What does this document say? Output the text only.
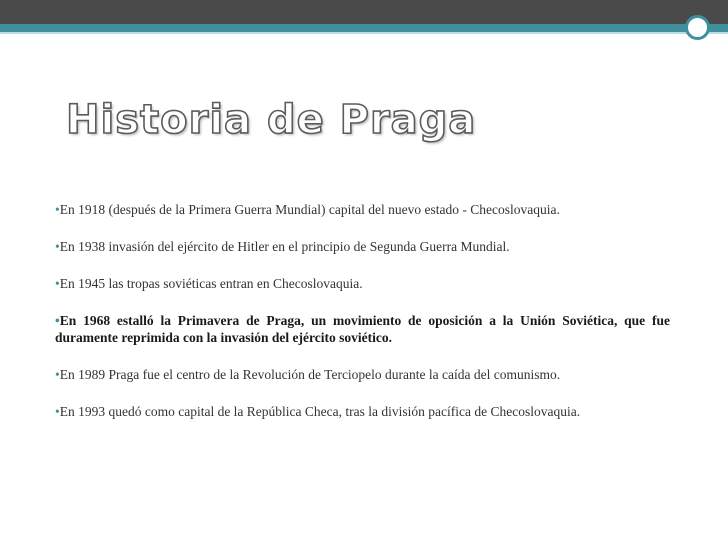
Historia de Praga

•En 1918 (después de la Primera Guerra Mundial) capital del nuevo estado - Checoslovaquia.

•En 1938 invasión del ejército de Hitler en el principio de Segunda Guerra Mundial.

•En 1945 las tropas soviéticas entran en Checoslovaquia.

•En 1968 estalló la Primavera de Praga, un movimiento de oposición a la Unión Soviética, que fue duramente reprimida con la invasión del ejército soviético.

•En 1989 Praga fue el centro de la Revolución de Terciopelo durante la caída del comunismo.

•En 1993 quedó como capital de la República Checa, tras la división pacífica de Checoslovaquia.
